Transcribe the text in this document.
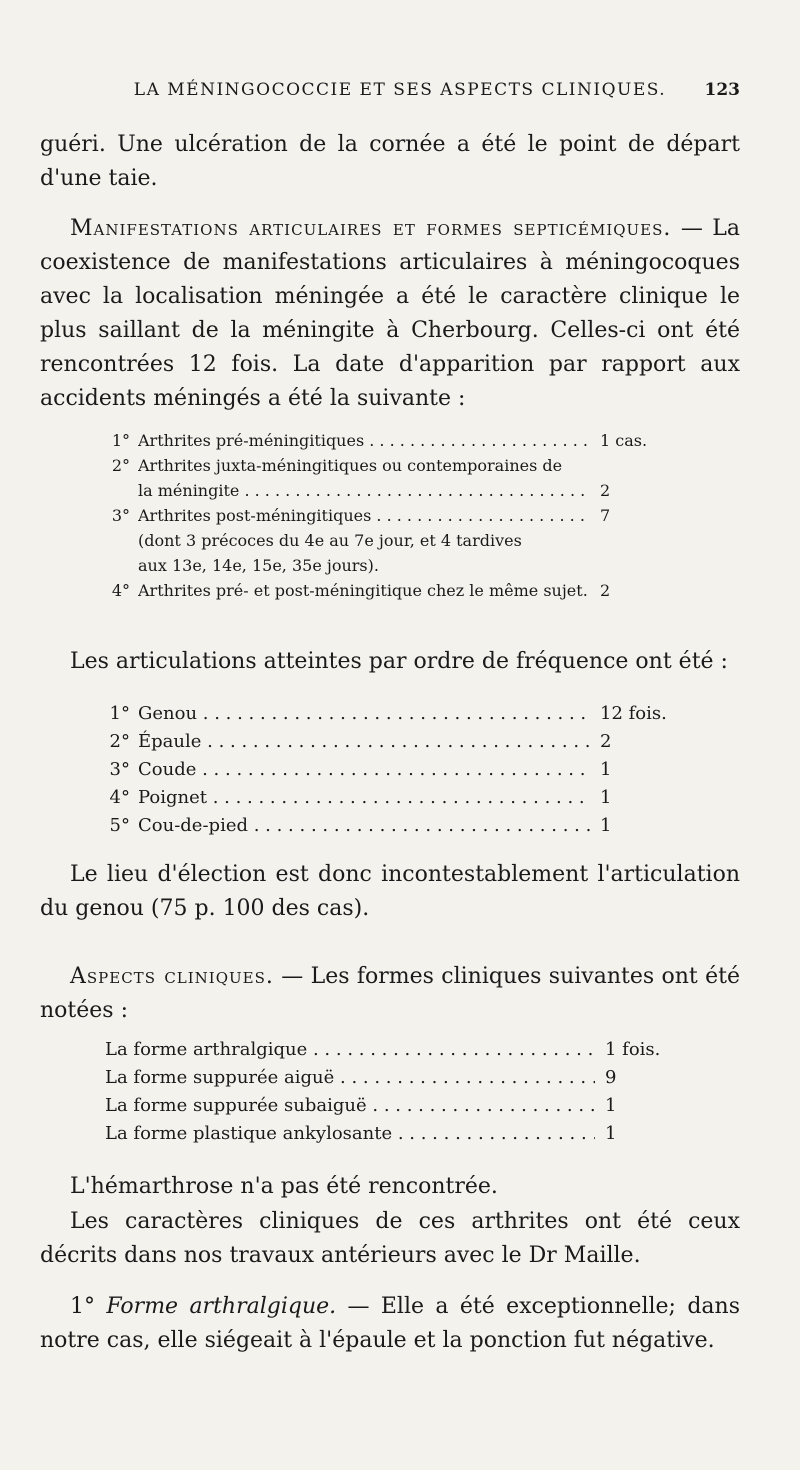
LA MÉNINGOCOCCIE ET SES ASPECTS CLINIQUES. 123
guéri. Une ulcération de la cornée a été le point de départ d'une taie.
Manifestations articulaires et formes septicémiques. — La coexistence de manifestations articulaires à méningocoques avec la localisation méningée a été le caractère clinique le plus saillant de la méningite à Cherbourg. Celles-ci ont été rencontrées 12 fois. La date d'apparition par rapport aux accidents méningés a été la suivante :
1° Arthrites pré-méningitiques . . .	1 cas.
2° Arthrites juxta-méningitiques ou contemporaines de
la méningite . . .	2
3° Arthrites post-méningitiques . . .	7
(dont 3 précoces du 4e au 7e jour, et 4 tardives
aux 13e, 14e, 15e, 35e jours).
4° Arthrites pré- et post-méningitique chez le même sujet. 2
Les articulations atteintes par ordre de fréquence ont été :
1° Genou . . .	12 fois.
2° Épaule . . .	2
3° Coude . . .	1
4° Poignet . . .	1
5° Cou-de-pied . . .	1
Le lieu d'élection est donc incontestablement l'articulation du genou (75 p. 100 des cas).
Aspects cliniques. — Les formes cliniques suivantes ont été notées :
La forme arthralgique . . .	1 fois.
La forme suppurée aiguë . . .	9
La forme suppurée subaiguë . . .	1
La forme plastique ankylosante . . .	1
L'hémarthrose n'a pas été rencontrée.
Les caractères cliniques de ces arthrites ont été ceux décrits dans nos travaux antérieurs avec le Dr Maille.
1° Forme arthralgique. — Elle a été exceptionnelle; dans notre cas, elle siégeait à l'épaule et la ponction fut négative.
